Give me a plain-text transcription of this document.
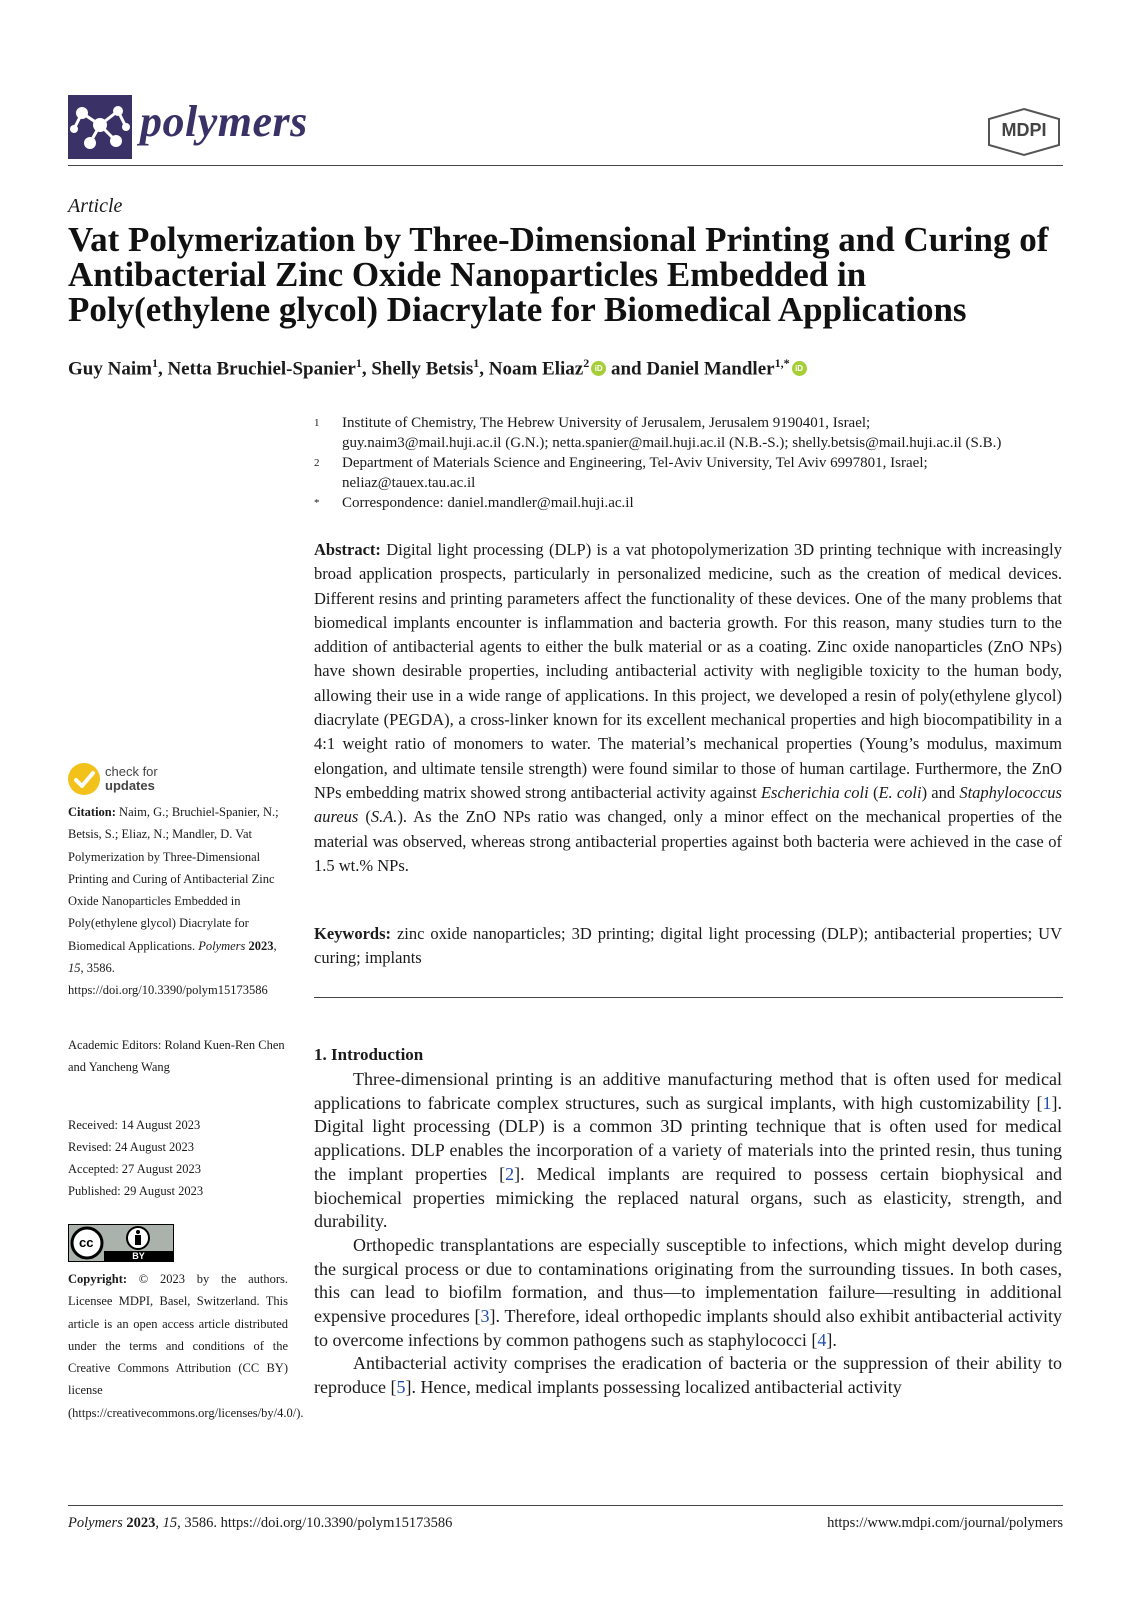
polymers	MDPI
Article
Vat Polymerization by Three-Dimensional Printing and Curing of Antibacterial Zinc Oxide Nanoparticles Embedded in Poly(ethylene glycol) Diacrylate for Biomedical Applications
Guy Naim$^1$, Netta Bruchiel-Spanier$^1$, Shelly Betsis$^1$, Noam Eliaz$^2$ iD and Daniel Mandler$^{1,*}$ iD
1 Institute of Chemistry, The Hebrew University of Jerusalem, Jerusalem 9190401, Israel;
guy.naim3@mail.huji.ac.il (G.N.); netta.spanier@mail.huji.ac.il (N.B.-S.); shelly.betsis@mail.huji.ac.il (S.B.)
2 Department of Materials Science and Engineering, Tel-Aviv University, Tel Aviv 6997801, Israel;
neliaz@tauex.tau.ac.il
* Correspondence: daniel.mandler@mail.huji.ac.il
Abstract: Digital light processing (DLP) is a vat photopolymerization 3D printing technique with increasingly broad application prospects, particularly in personalized medicine, such as the creation of medical devices. Different resins and printing parameters affect the functionality of these devices. One of the many problems that biomedical implants encounter is inflammation and bacteria growth. For this reason, many studies turn to the addition of antibacterial agents to either the bulk material or as a coating. Zinc oxide nanoparticles (ZnO NPs) have shown desirable properties, including antibacterial activity with negligible toxicity to the human body, allowing their use in a wide range of applications. In this project, we developed a resin of poly(ethylene glycol) diacrylate (PEGDA), a cross-linker known for its excellent mechanical properties and high biocompatibility in a 4:1 weight ratio of monomers to water. The material’s mechanical properties (Young’s modulus, maximum elongation, and ultimate tensile strength) were found similar to those of human cartilage. Furthermore, the ZnO NPs embedding matrix showed strong antibacterial activity against Escherichia coli (E. coli) and Staphylococcus aureus (S.A.). As the ZnO NPs ratio was changed, only a minor effect on the mechanical properties of the material was observed, whereas strong antibacterial properties against both bacteria were achieved in the case of 1.5 wt.% NPs.
Keywords: zinc oxide nanoparticles; 3D printing; digital light processing (DLP); antibacterial properties; UV curing; implants
1. Introduction

Three-dimensional printing is an additive manufacturing method that is often used for medical applications to fabricate complex structures, such as surgical implants, with high customizability [1]. Digital light processing (DLP) is a common 3D printing technique that is often used for medical applications. DLP enables the incorporation of a variety of materials into the printed resin, thus tuning the implant properties [2]. Medical implants are required to possess certain biophysical and biochemical properties mimicking the replaced natural organs, such as elasticity, strength, and durability.

Orthopedic transplantations are especially susceptible to infections, which might develop during the surgical process or due to contaminations originating from the surrounding tissues. In both cases, this can lead to biofilm formation, and thus—to implementation failure—resulting in additional expensive procedures [3]. Therefore, ideal orthopedic implants should also exhibit antibacterial activity to overcome infections by common pathogens such as staphylococci [4].

Antibacterial activity comprises the eradication of bacteria or the suppression of their ability to reproduce [5]. Hence, medical implants possessing localized antibacterial activity

check for
updates
Citation: Naim, G.; Bruchiel-Spanier, N.; Betsis, S.; Eliaz, N.; Mandler, D. Vat Polymerization by Three-Dimensional Printing and Curing of Antibacterial Zinc Oxide Nanoparticles Embedded in Poly(ethylene glycol) Diacrylate for Biomedical Applications. Polymers 2023, 15, 3586. https://doi.org/10.3390/polym15173586
Academic Editors: Roland Kuen-Ren Chen and Yancheng Wang
Received: 14 August 2023
Revised: 24 August 2023
Accepted: 27 August 2023
Published: 29 August 2023
cc
BY
Copyright: © 2023 by the authors. Licensee MDPI, Basel, Switzerland. This article is an open access article distributed under the terms and conditions of the Creative Commons Attribution (CC BY) license (https://creativecommons.org/licenses/by/4.0/).
Polymers 2023, 15, 3586. https://doi.org/10.3390/polym15173586	https://www.mdpi.com/journal/polymers
